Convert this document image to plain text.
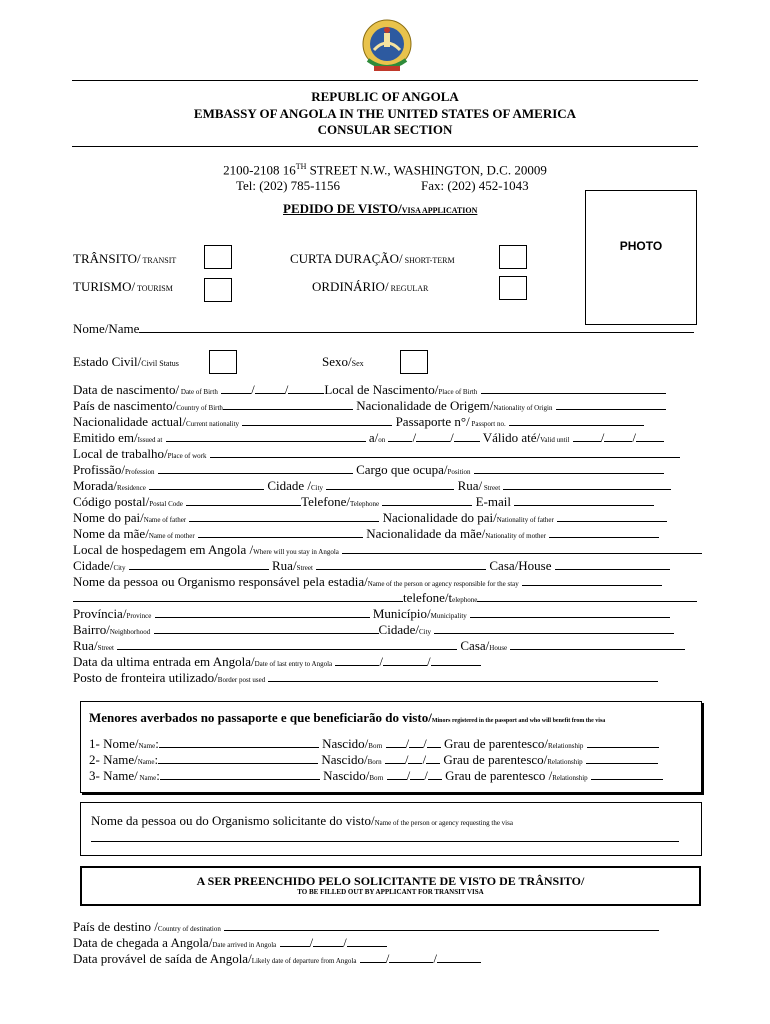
REPUBLIC OF ANGOLA
EMBASSY OF ANGOLA IN THE UNITED STATES OF AMERICA
CONSULAR SECTION
2100-2108 16TH STREET N.W., WASHINGTON, D.C. 20009
Tel: (202) 785-1156	Fax: (202) 452-1043
PEDIDO DE VISTO/VISA APPLICATION
PHOTO
TRÂNSITO/ TRANSIT	CURTA DURAÇÃO/ SHORT-TERM
TURISMO/ TOURISM	ORDINÁRIO/ REGULAR
Nome/Name
Estado Civil/Civil Status	Sexo/Sex
Data de nascimento/ Date of Birth	/ /	Local de Nascimento/Place of Birth
País de nascimento/Country of Birth	Nacionalidade de Origem/Nationality of Origin
Nacionalidade actual/Current nationality	Passaporte n°/ Passport no.
Emitido em/Issued at	a/on /	/ Válido até/Valid until / /
Local de trabalho/Place of work
Profissão/Profession	Cargo que ocupa/Position
Morada/Residence	Cidade /City	Rua/ Street
Código postal/Postal Code	Telefone/Telephone	E-mail
Nome do pai/Name of father	Nacionalidade do pai/Nationality of father
Nome da mãe/Name of mother	Nacionalidade da mãe/Nationality of mother
Local de hospedagem em Angola /Where will you stay in Angola
Cidade/City	Rua/Street	Casa/House
Nome da pessoa ou Organismo responsável pela estadia/Name of the person or agency responsible for the stay
telefone/telephone
Província/Province	Município/Municipality
Bairro/Neighborhood	Cidade/City
Rua/Street	Casa/House
Data da ultima entrada em Angola/Date of last entry to Angola	/	/
Posto de fronteira utilizado/Border post used
Menores averbados no passaporte e que beneficiarão do visto/Minors registered in the passport and who will benefit from the visa
1- Nome/Name:	Nascido/Born / / Grau de parentesco/Relationship
2- Name/Name:	Nascido/Born / / Grau de parentesco/Relationship
3- Name/ Name:	Nascido/Born / / Grau de parentesco /Relationship
Nome da pessoa ou do Organismo solicitante do visto/Name of the person or agency requesting the visa
A SER PREENCHIDO PELO SOLICITANTE DE VISTO DE TRÂNSITO/
TO BE FILLED OUT BY APPLICANT FOR TRANSIT VISA
País de destino /Country of destination
Data de chegada a Angola/Date arrived in Angola	/ /
Data provável de saída de Angola/Likely date of departure from Angola /	/
